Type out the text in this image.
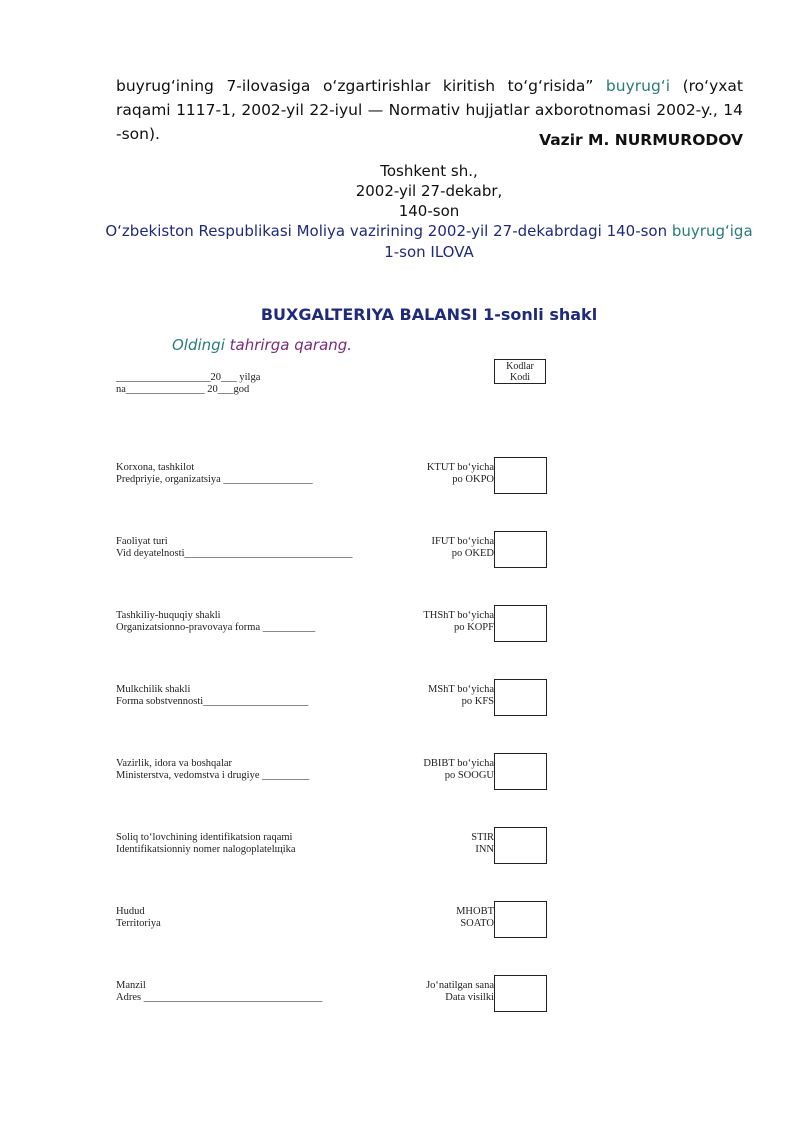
buyrug‘ining 7-ilovasiga o‘zgartirishlar kiritish to‘g‘risida” buyrug‘i (ro‘yxat raqami 1117-1, 2002-yil 22-iyul — Normativ hujjatlar axborotnomasi 2002-y., 14 -son).	Vazir M. NURMURODOV
Toshkent sh.,
2002-yil 27-dekabr,
140-son
O‘zbekiston Respublikasi Moliya vazirining 2002-yil 27-dekabrdagi 140-son buyrug‘iga
1-son ILOVA
BUXGALTERIYA BALANSI 1-sonli shakl
Oldingi tahrirga qarang.
Kodlar
Kodi
__________________20___ yilga
na_______________ 20___god
Korxona, tashkilot
Predpriyie, organizatsiya _________________
KTUT bo‘yicha
po OKPO
Faoliyat turi
Vid deyatelnosti________________________________
IFUT bo‘yicha
po OKED
Tashkiliy-huquqiy shakli
Organizatsionno-pravovaya forma __________
THShT bo‘yicha
po KOPF
Mulkchilik shakli
Forma sobstvennosti____________________
MShT bo‘yicha
po KFS
Vazirlik, idora va boshqalar
Ministerstva, vedomstva i drugiye _________
DBIBT bo‘yicha
po SOOGU
Soliq to‘lovchining identifikatsion raqami
Identifikatsionniy nomer nalogoplatelщika
STIR
INN
Hudud
Territoriya
MHOBT
SOATO
Manzil
Adres __________________________________
Jo‘natilgan sana
Data visilki
